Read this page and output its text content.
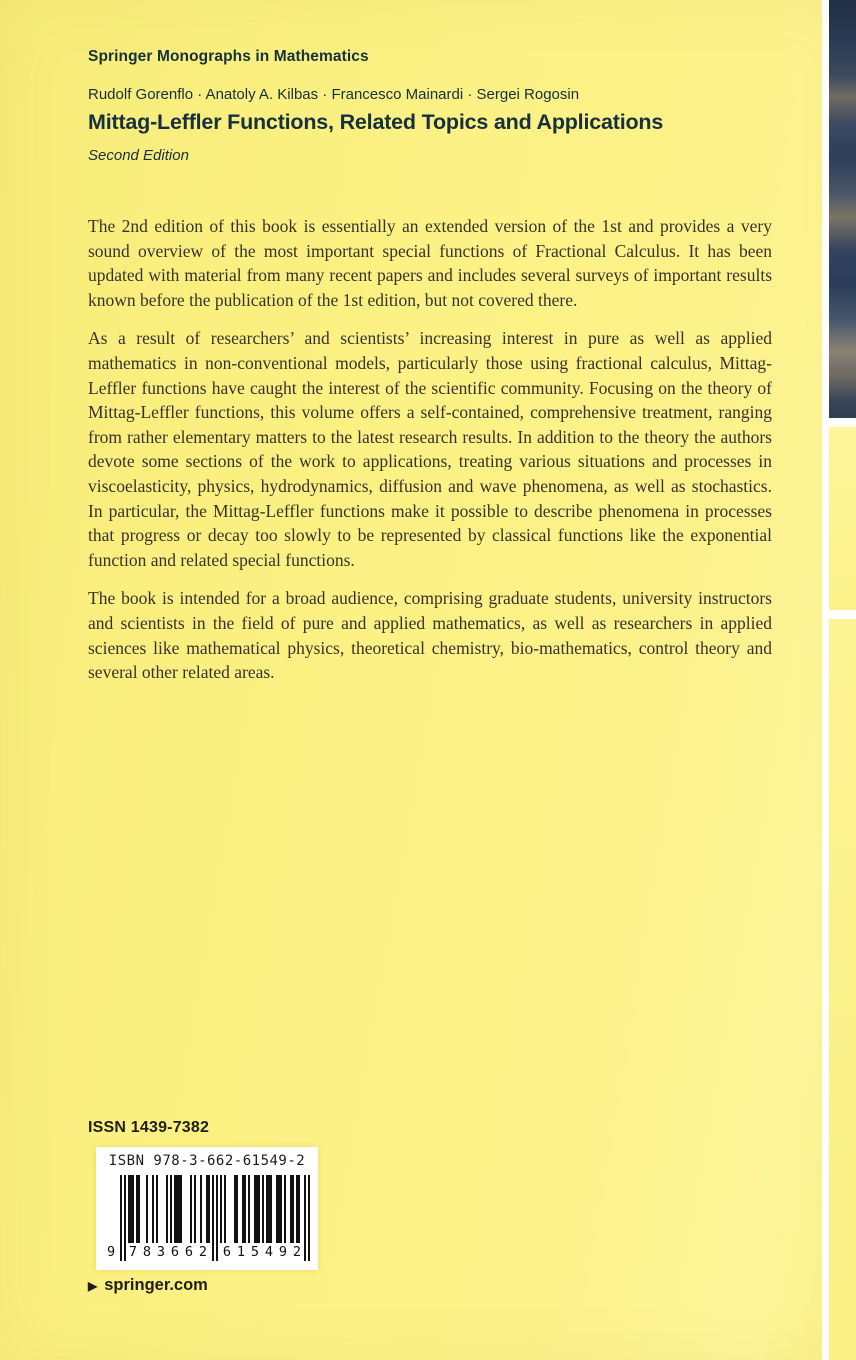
Springer Monographs in Mathematics
Rudolf Gorenflo · Anatoly A. Kilbas · Francesco Mainardi · Sergei Rogosin
Mittag-Leffler Functions, Related Topics and Applications
Second Edition

The 2nd edition of this book is essentially an extended version of the 1st and provides a very sound overview of the most important special functions of Fractional Calculus. It has been updated with material from many recent papers and includes several surveys of important results known before the publication of the 1st edition, but not covered there.

As a result of researchers’ and scientists’ increasing interest in pure as well as applied mathematics in non-conventional models, particularly those using fractional calculus, Mittag-Leffler functions have caught the interest of the scientific community. Focusing on the theory of Mittag-Leffler functions, this volume offers a self-contained, comprehensive treatment, ranging from rather elementary matters to the latest research results. In addition to the theory the authors devote some sections of the work to applications, treating various situations and processes in viscoelasticity, physics, hydrodynamics, diffusion and wave phenomena, as well as stochastics. In particular, the Mittag-Leffler functions make it possible to describe phenomena in processes that progress or decay too slowly to be represented by classical functions like the exponential function and related special functions.

The book is intended for a broad audience, comprising graduate students, university instructors and scientists in the field of pure and applied mathematics, as well as researchers in applied sciences like mathematical physics, theoretical chemistry, bio-mathematics, control theory and several other related areas.

ISSN 1439-7382
ISBN 978-3-662-61549-2
9 7 8 3 6 6 2 6 1 5 4 9 2
▶ springer.com
